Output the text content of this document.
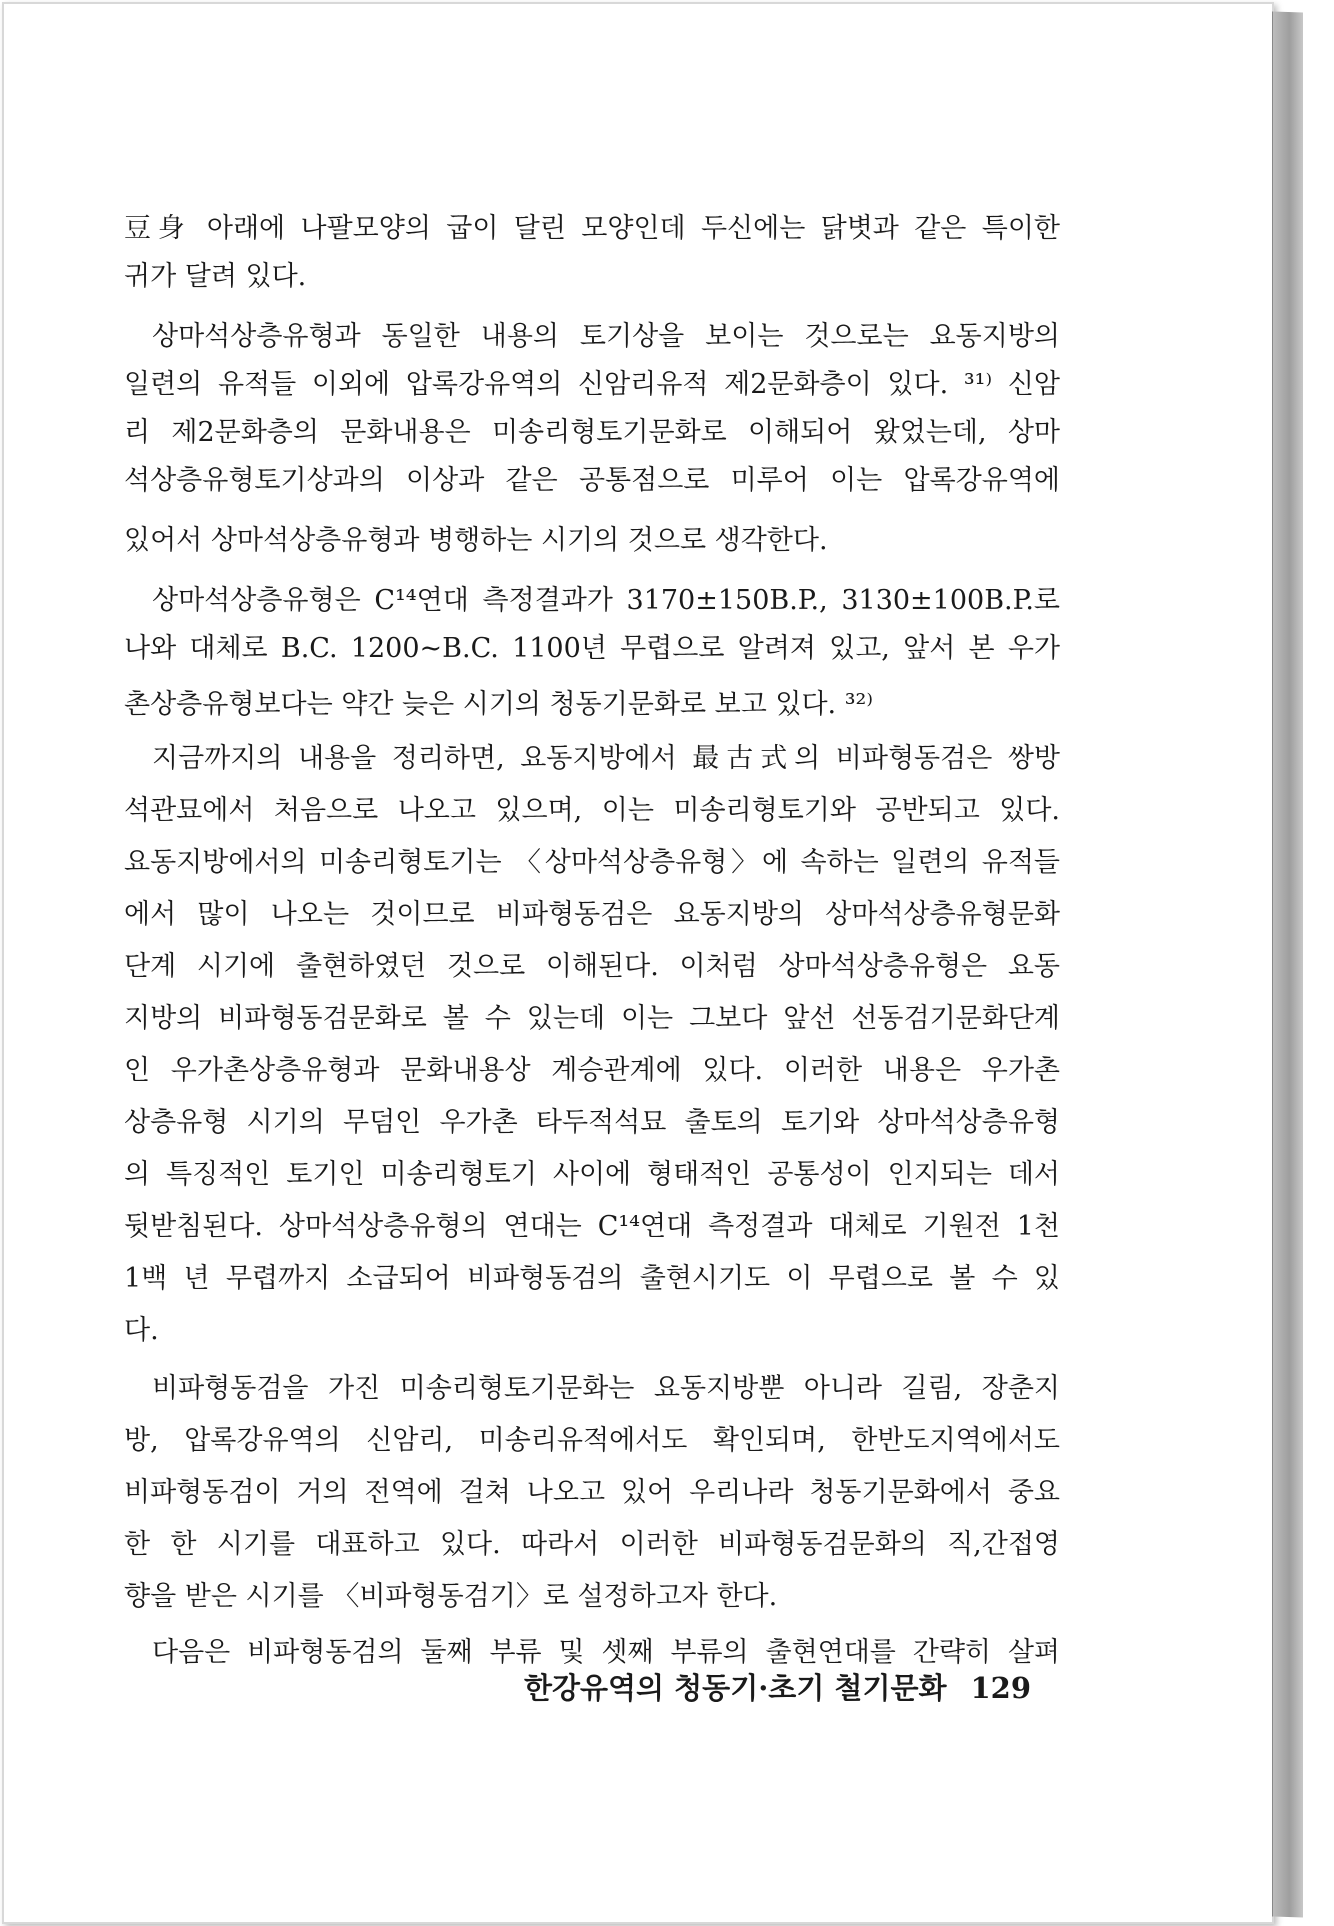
豆身 아래에 나팔모양의 굽이 달린 모양인데 두신에는 닭볏과 같은 특이한
귀가 달려 있다.
상마석상층유형과 동일한 내용의 토기상을 보이는 것으로는 요동지방의
일련의 유적들 이외에 압록강유역의 신암리유적 제2문화층이 있다. ³¹⁾ 신암
리 제2문화층의 문화내용은 미송리형토기문화로 이해되어 왔었는데, 상마
석상층유형토기상과의 이상과 같은 공통점으로 미루어 이는 압록강유역에
있어서 상마석상층유형과 병행하는 시기의 것으로 생각한다.
상마석상층유형은 C¹⁴연대 측정결과가 3170±150B.P., 3130±100B.P.로
나와 대체로 B.C. 1200~B.C. 1100년 무렵으로 알려져 있고, 앞서 본 우가
촌상층유형보다는 약간 늦은 시기의 청동기문화로 보고 있다. ³²⁾
지금까지의 내용을 정리하면, 요동지방에서 最古式의 비파형동검은 쌍방
석관묘에서 처음으로 나오고 있으며, 이는 미송리형토기와 공반되고 있다.
요동지방에서의 미송리형토기는 〈상마석상층유형〉에 속하는 일련의 유적들
에서 많이 나오는 것이므로 비파형동검은 요동지방의 상마석상층유형문화
단계 시기에 출현하였던 것으로 이해된다. 이처럼 상마석상층유형은 요동
지방의 비파형동검문화로 볼 수 있는데 이는 그보다 앞선 선동검기문화단계
인 우가촌상층유형과 문화내용상 계승관계에 있다. 이러한 내용은 우가촌
상층유형 시기의 무덤인 우가촌 타두적석묘 출토의 토기와 상마석상층유형
의 특징적인 토기인 미송리형토기 사이에 형태적인 공통성이 인지되는 데서
뒷받침된다. 상마석상층유형의 연대는 C¹⁴연대 측정결과 대체로 기원전 1천
1백 년 무렵까지 소급되어 비파형동검의 출현시기도 이 무렵으로 볼 수 있
다.
비파형동검을 가진 미송리형토기문화는 요동지방뿐 아니라 길림, 장춘지
방, 압록강유역의 신암리, 미송리유적에서도 확인되며, 한반도지역에서도
비파형동검이 거의 전역에 걸쳐 나오고 있어 우리나라 청동기문화에서 중요
한 한 시기를 대표하고 있다. 따라서 이러한 비파형동검문화의 직,간접영
향을 받은 시기를 〈비파형동검기〉로 설정하고자 한다.
다음은 비파형동검의 둘째 부류 및 셋째 부류의 출현연대를 간략히 살펴
한강유역의 청동기·초기 철기문화 129
